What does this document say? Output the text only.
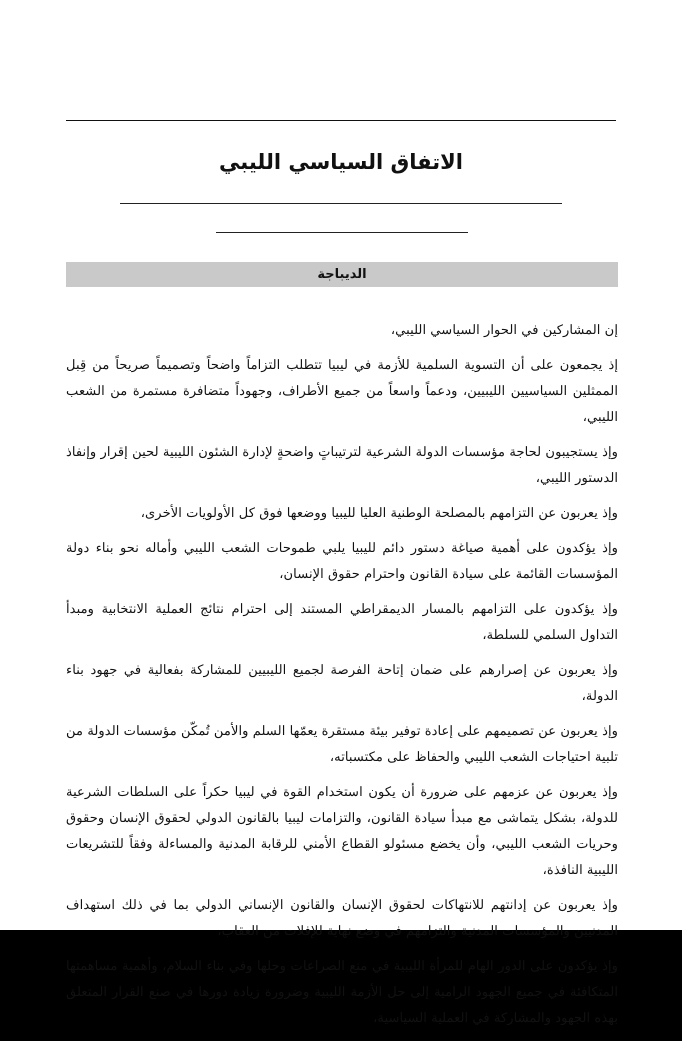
الاتفاق السياسي الليبي
الديباجة

إن المشاركين في الحوار السياسي الليبي،

إذ يجمعون على أن التسوية السلمية للأزمة في ليبيا تتطلب التزاماً واضحاً وتصميماً صريحاً من قِبل الممثلين السياسيين الليبيين، ودعماً واسعاً من جميع الأطراف، وجهوداً متضافرة مستمرة من الشعب الليبي،

وإذ يستجيبون لحاجة مؤسسات الدولة الشرعية لترتيباتٍ واضحةٍ لإدارة الشئون الليبية لحين إقرار وإنفاذ الدستور الليبي،

وإذ يعربون عن التزامهم بالمصلحة الوطنية العليا لليبيا ووضعها فوق كل الأولويات الأخرى،

وإذ يؤكدون على أهمية صياغة دستور دائم لليبيا يلبي طموحات الشعب الليبي وأماله نحو بناء دولة المؤسسات القائمة على سيادة القانون واحترام حقوق الإنسان،

وإذ يؤكدون على التزامهم بالمسار الديمقراطي المستند إلى احترام نتائج العملية الانتخابية ومبدأ التداول السلمي للسلطة،

وإذ يعربون عن إصرارهم على ضمان إتاحة الفرصة لجميع الليبيين للمشاركة بفعالية في جهود بناء الدولة،

وإذ يعربون عن تصميمهم على إعادة توفير بيئة مستقرة يعمّها السلم والأمن تُمكّن مؤسسات الدولة من تلبية احتياجات الشعب الليبي والحفاظ على مكتسباته،

وإذ يعربون عن عزمهم على ضرورة أن يكون استخدام القوة في ليبيا حكراً على السلطات الشرعية للدولة، بشكل يتماشى مع مبدأ سيادة القانون، والتزامات ليبيا بالقانون الدولي لحقوق الإنسان وحقوق وحريات الشعب الليبي، وأن يخضع مسئولو القطاع الأمني للرقابة المدنية والمساءلة وفقاً للتشريعات الليبية النافذة،

وإذ يعربون عن إدانتهم للانتهاكات لحقوق الإنسان والقانون الإنساني الدولي بما في ذلك استهداف المدنيين والمؤسسات المدنية والتزامهم في وضع نهاية للإفلات من العقاب،

وإذ يؤكدون على الدور الهام للمرأة الليبية في منع الصراعات وحلها وفي بناء السلام، وأهمية مساهمتها المتكافئة في جميع الجهود الرامية إلى حل الأزمة الليبية وضرورة زيادة دورها في صنع القرار المتعلق بهذه الجهود والمشاركة في العملية السياسية،
